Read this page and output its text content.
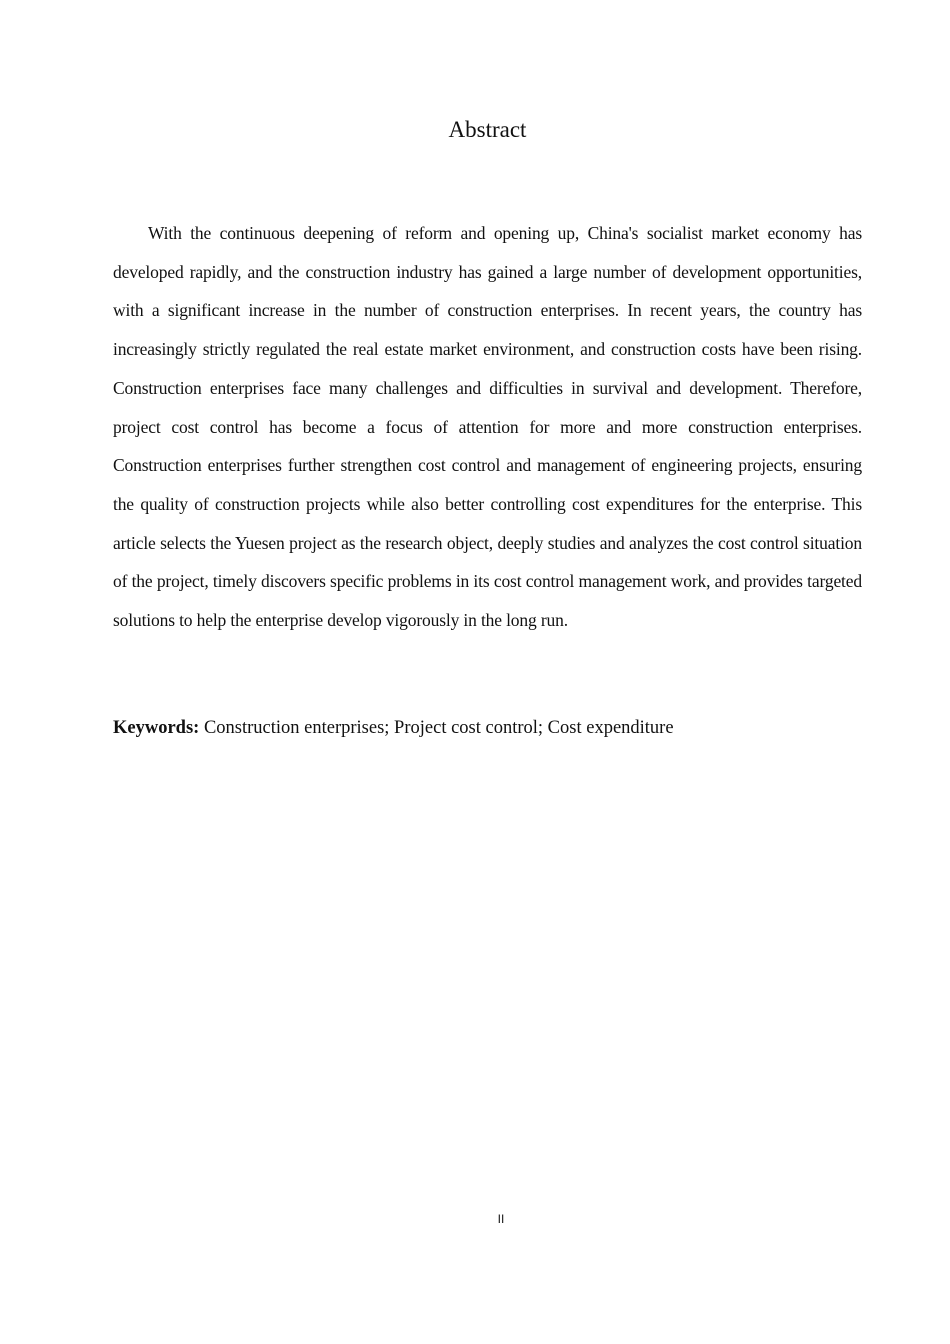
Abstract

With the continuous deepening of reform and opening up, China's socialist market economy has developed rapidly, and the construction industry has gained a large number of development opportunities, with a significant increase in the number of construction enterprises. In recent years, the country has increasingly strictly regulated the real estate market environment, and construction costs have been rising. Construction enterprises face many challenges and difficulties in survival and development. Therefore, project cost control has become a focus of attention for more and more construction enterprises. Construction enterprises further strengthen cost control and management of engineering projects, ensuring the quality of construction projects while also better controlling cost expenditures for the enterprise. This article selects the Yuesen project as the research object, deeply studies and analyzes the cost control situation of the project, timely discovers specific problems in its cost control management work, and provides targeted solutions to help the enterprise develop vigorously in the long run.

Keywords: Construction enterprises; Project cost control; Cost expenditure

II
